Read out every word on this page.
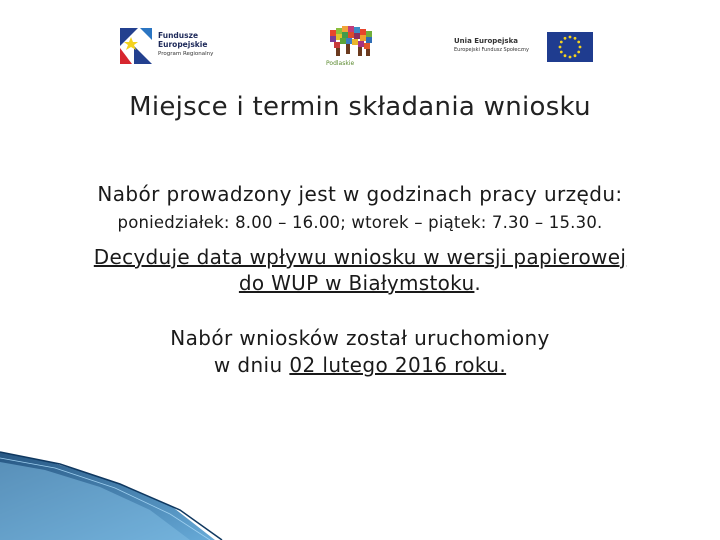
Fundusze
Europejskie
Program Regionalny
Podlaskie
Unia Europejska
Europejski Fundusz Społeczny
Miejsce i termin składania wniosku
Nabór prowadzony jest w godzinach pracy urzędu:
poniedziałek: 8.00 – 16.00; wtorek – piątek: 7.30 – 15.30.
Decyduje data wpływu wniosku w wersji papierowej
do WUP w Białymstoku.
Nabór wniosków został uruchomiony
w dniu 02 lutego 2016 roku.
